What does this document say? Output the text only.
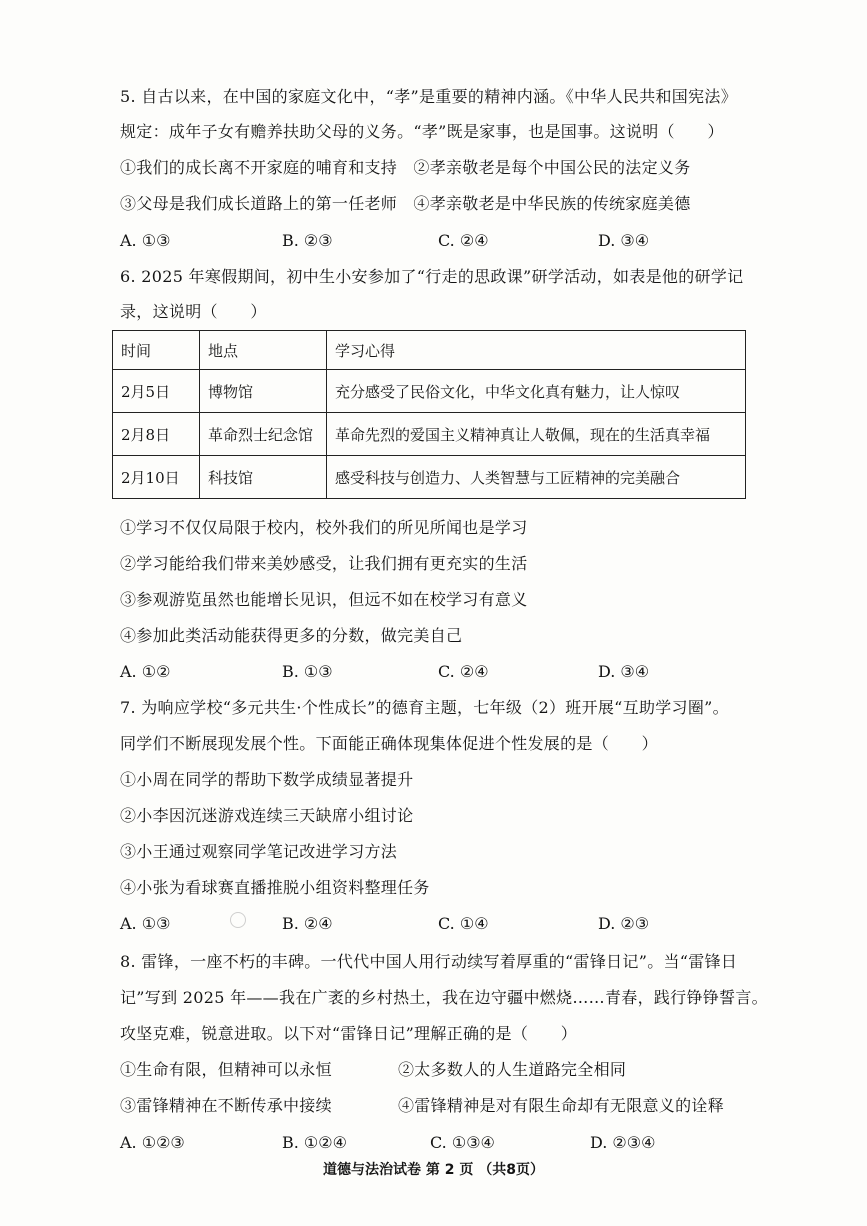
5. 自古以来，在中国的家庭文化中，“孝”是重要的精神内涵。《中华人民共和国宪法》
规定：成年子女有赡养扶助父母的义务。“孝”既是家事，也是国事。这说明（　　）
①我们的成长离不开家庭的哺育和支持　②孝亲敬老是每个中国公民的法定义务
③父母是我们成长道路上的第一任老师　④孝亲敬老是中华民族的传统家庭美德
A. ①③	B. ②③	C. ②④	D. ③④
6. 2025 年寒假期间，初中生小安参加了“行走的思政课”研学活动，如表是他的研学记
录，这说明（　　）
时间	地点	学习心得
2月5日	博物馆	充分感受了民俗文化，中华文化真有魅力，让人惊叹
2月8日	革命烈士纪念馆	革命先烈的爱国主义精神真让人敬佩，现在的生活真幸福
2月10日	科技馆	感受科技与创造力、人类智慧与工匠精神的完美融合
①学习不仅仅局限于校内，校外我们的所见所闻也是学习
②学习能给我们带来美妙感受，让我们拥有更充实的生活
③参观游览虽然也能增长见识，但远不如在校学习有意义
④参加此类活动能获得更多的分数，做完美自己
A. ①②	B. ①③	C. ②④	D. ③④
7. 为响应学校“多元共生·个性成长”的德育主题，七年级（2）班开展“互助学习圈”。
同学们不断展现发展个性。下面能正确体现集体促进个性发展的是（　　）
①小周在同学的帮助下数学成绩显著提升
②小李因沉迷游戏连续三天缺席小组讨论
③小王通过观察同学笔记改进学习方法
④小张为看球赛直播推脱小组资料整理任务
A. ①③	B. ②④	C. ①④	D. ②③
8. 雷锋，一座不朽的丰碑。一代代中国人用行动续写着厚重的“雷锋日记”。当“雷锋日
记”写到 2025 年——我在广袤的乡村热土，我在边守疆中燃烧……青春，践行铮铮誓言。
攻坚克难，锐意进取。以下对“雷锋日记”理解正确的是（　　）
①生命有限，但精神可以永恒	②太多数人的人生道路完全相同
③雷锋精神在不断传承中接续	④雷锋精神是对有限生命却有无限意义的诠释
A. ①②③	B. ①②④	C. ①③④	D. ②③④
道德与法治试卷 第 2 页 （共8页）
